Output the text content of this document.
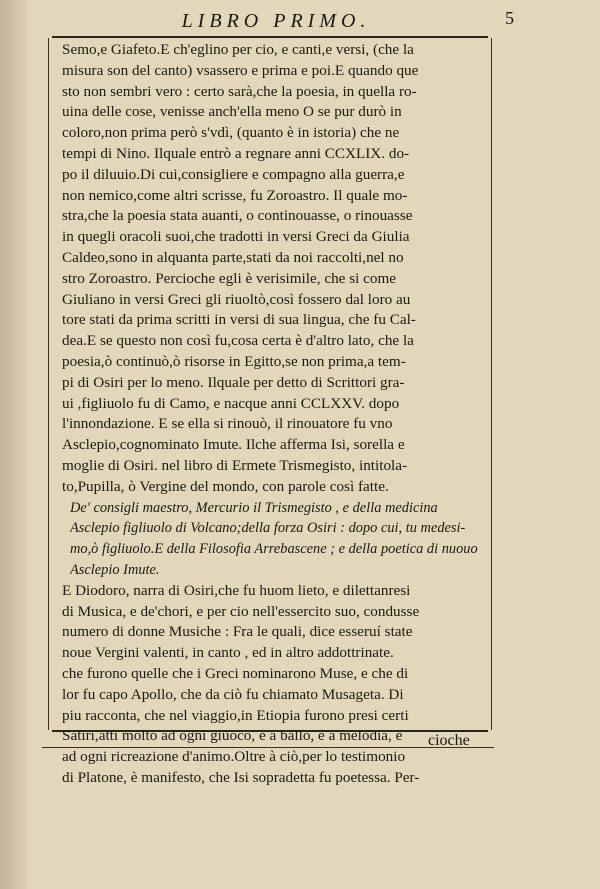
LIBRO PRIMO.	5
Semo,e Giafeto.E ch'eglino per cio, e canti,e versi, (che la
misura son del canto) vsassero e prima e poi.E quando que
sto non sembri vero : certo sarà,che la poesia, in quella ro-
uina delle cose, venisse anch'ella meno O se pur durò in
coloro,non prima però s'vdì, (quanto è in istoria) che ne
tempi di Nino. Ilquale entrò a regnare anni CCXLIX. do-
po il diluuio.Di cui,consigliere e compagno alla guerra,e
non nemico,come altri scrisse, fu Zoroastro. Il quale mo-
stra,che la poesia stata auanti, o continouasse, o rinouasse
in quegli oracoli suoi,che tradotti in versi Greci da Giulia
Caldeo,sono in alquanta parte,stati da noi raccolti,nel no
stro Zoroastro. Percioche egli è verisimile, che si come
Giuliano in versi Greci gli riuoltò,così fossero dal loro au
tore stati da prima scritti in versi di sua lingua, che fu Cal-
dea.E se questo non così fu,cosa certa è d'altro lato, che la
poesia,ò continuò,ò risorse in Egitto,se non prima,a tem-
pi di Osiri per lo meno. Ilquale per detto di Scrittori gra-
ui ,figliuolo fu di Camo, e nacque anni CCLXXV. dopo
l'innondazione. E se ella si rinouò, il rinouatore fu vno
Asclepio,cognominato Imute. Ilche afferma Isi, sorella e
moglie di Osiri. nel libro di Ermete Trismegisto, intitola-
to,Pupilla, ò Vergine del mondo, con parole così fatte.
De' consigli maestro, Mercurio il Trismegisto , e della medicina
Asclepio figliuolo di Volcano;della forza Osiri : dopo cui, tu medesi-
mo,ò figliuolo.E della Filosofia Arrebascene ; e della poetica di nuouo
Asclepio Imute.
E Diodoro, narra di Osiri,che fu huom lieto, e dilettanresi
di Musica, e de'chori, e per cio nell'essercito suo, condusse
numero di donne Musiche : Fra le quali, dice esseruí state
noue Vergini valenti, in canto , ed in altro addottrinate.
che furono quelle che i Greci nominarono Muse, e che di
lor fu capo Apollo, che da ciò fu chiamato Musageta. Di
piu racconta, che nel viaggio,in Etiopia furono presi certi
Satiri,atti molto ad ogni giuoco, e a ballo, e a melodia, e
ad ogni ricreazione d'animo.Oltre à ciò,per lo testimonio
di Platone, è manifesto, che Isi sopradetta fu poetessa. Per-
cioche
